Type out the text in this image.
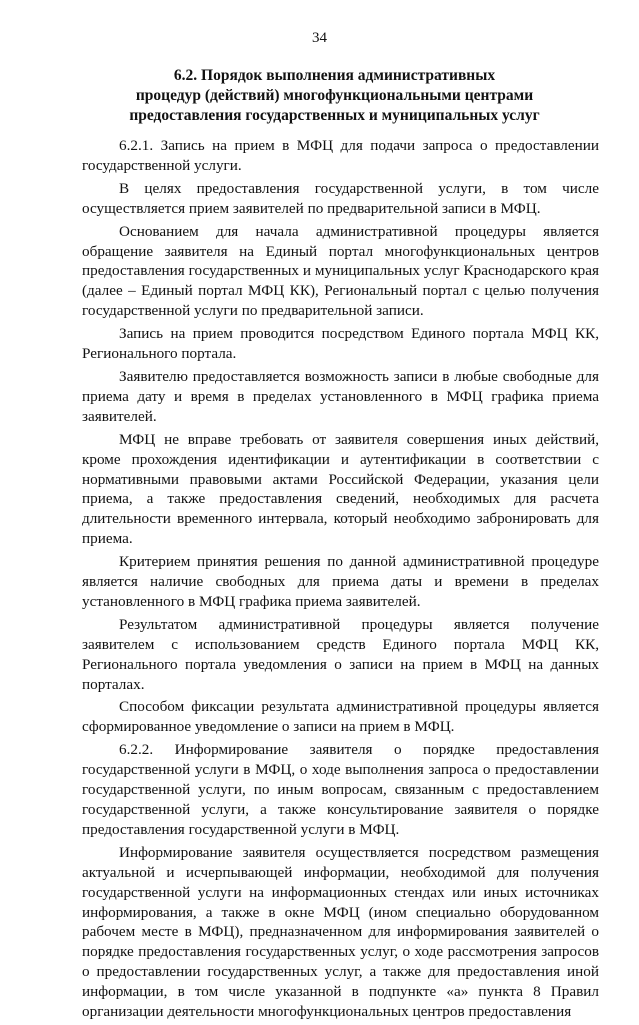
34
6.2. Порядок выполнения административных
процедур (действий) многофункциональными центрами
предоставления государственных и муниципальных услуг

6.2.1. Запись на прием в МФЦ для подачи запроса о предоставлении государственной услуги.

В целях предоставления государственной услуги, в том числе осуществляется прием заявителей по предварительной записи в МФЦ.

Основанием для начала административной процедуры является обращение заявителя на Единый портал многофункциональных центров предоставления государственных и муниципальных услуг Краснодарского края (далее – Единый портал МФЦ КК), Региональный портал с целью получения государственной услуги по предварительной записи.

Запись на прием проводится посредством Единого портала МФЦ КК, Регионального портала.

Заявителю предоставляется возможность записи в любые свободные для приема дату и время в пределах установленного в МФЦ графика приема заявителей.

МФЦ не вправе требовать от заявителя совершения иных действий, кроме прохождения идентификации и аутентификации в соответствии с нормативными правовыми актами Российской Федерации, указания цели приема, а также предоставления сведений, необходимых для расчета длительности временного интервала, который необходимо забронировать для приема.

Критерием принятия решения по данной административной процедуре является наличие свободных для приема даты и времени в пределах установленного в МФЦ графика приема заявителей.

Результатом административной процедуры является получение заявителем с использованием средств Единого портала МФЦ КК, Регионального портала уведомления о записи на прием в МФЦ на данных порталах.

Способом фиксации результата административной процедуры является сформированное уведомление о записи на прием в МФЦ.

6.2.2. Информирование заявителя о порядке предоставления государственной услуги в МФЦ, о ходе выполнения запроса о предоставлении государственной услуги, по иным вопросам, связанным с предоставлением государственной услуги, а также консультирование заявителя о порядке предоставления государственной услуги в МФЦ.

Информирование заявителя осуществляется посредством размещения актуальной и исчерпывающей информации, необходимой для получения государственной услуги на информационных стендах или иных источниках информирования, а также в окне МФЦ (ином специально оборудованном рабочем месте в МФЦ), предназначенном для информирования заявителей о порядке предоставления государственных услуг, о ходе рассмотрения запросов о предоставлении государственных услуг, а также для предоставления иной информации, в том числе указанной в подпункте «а» пункта 8 Правил организации деятельности многофункциональных центров предоставления
